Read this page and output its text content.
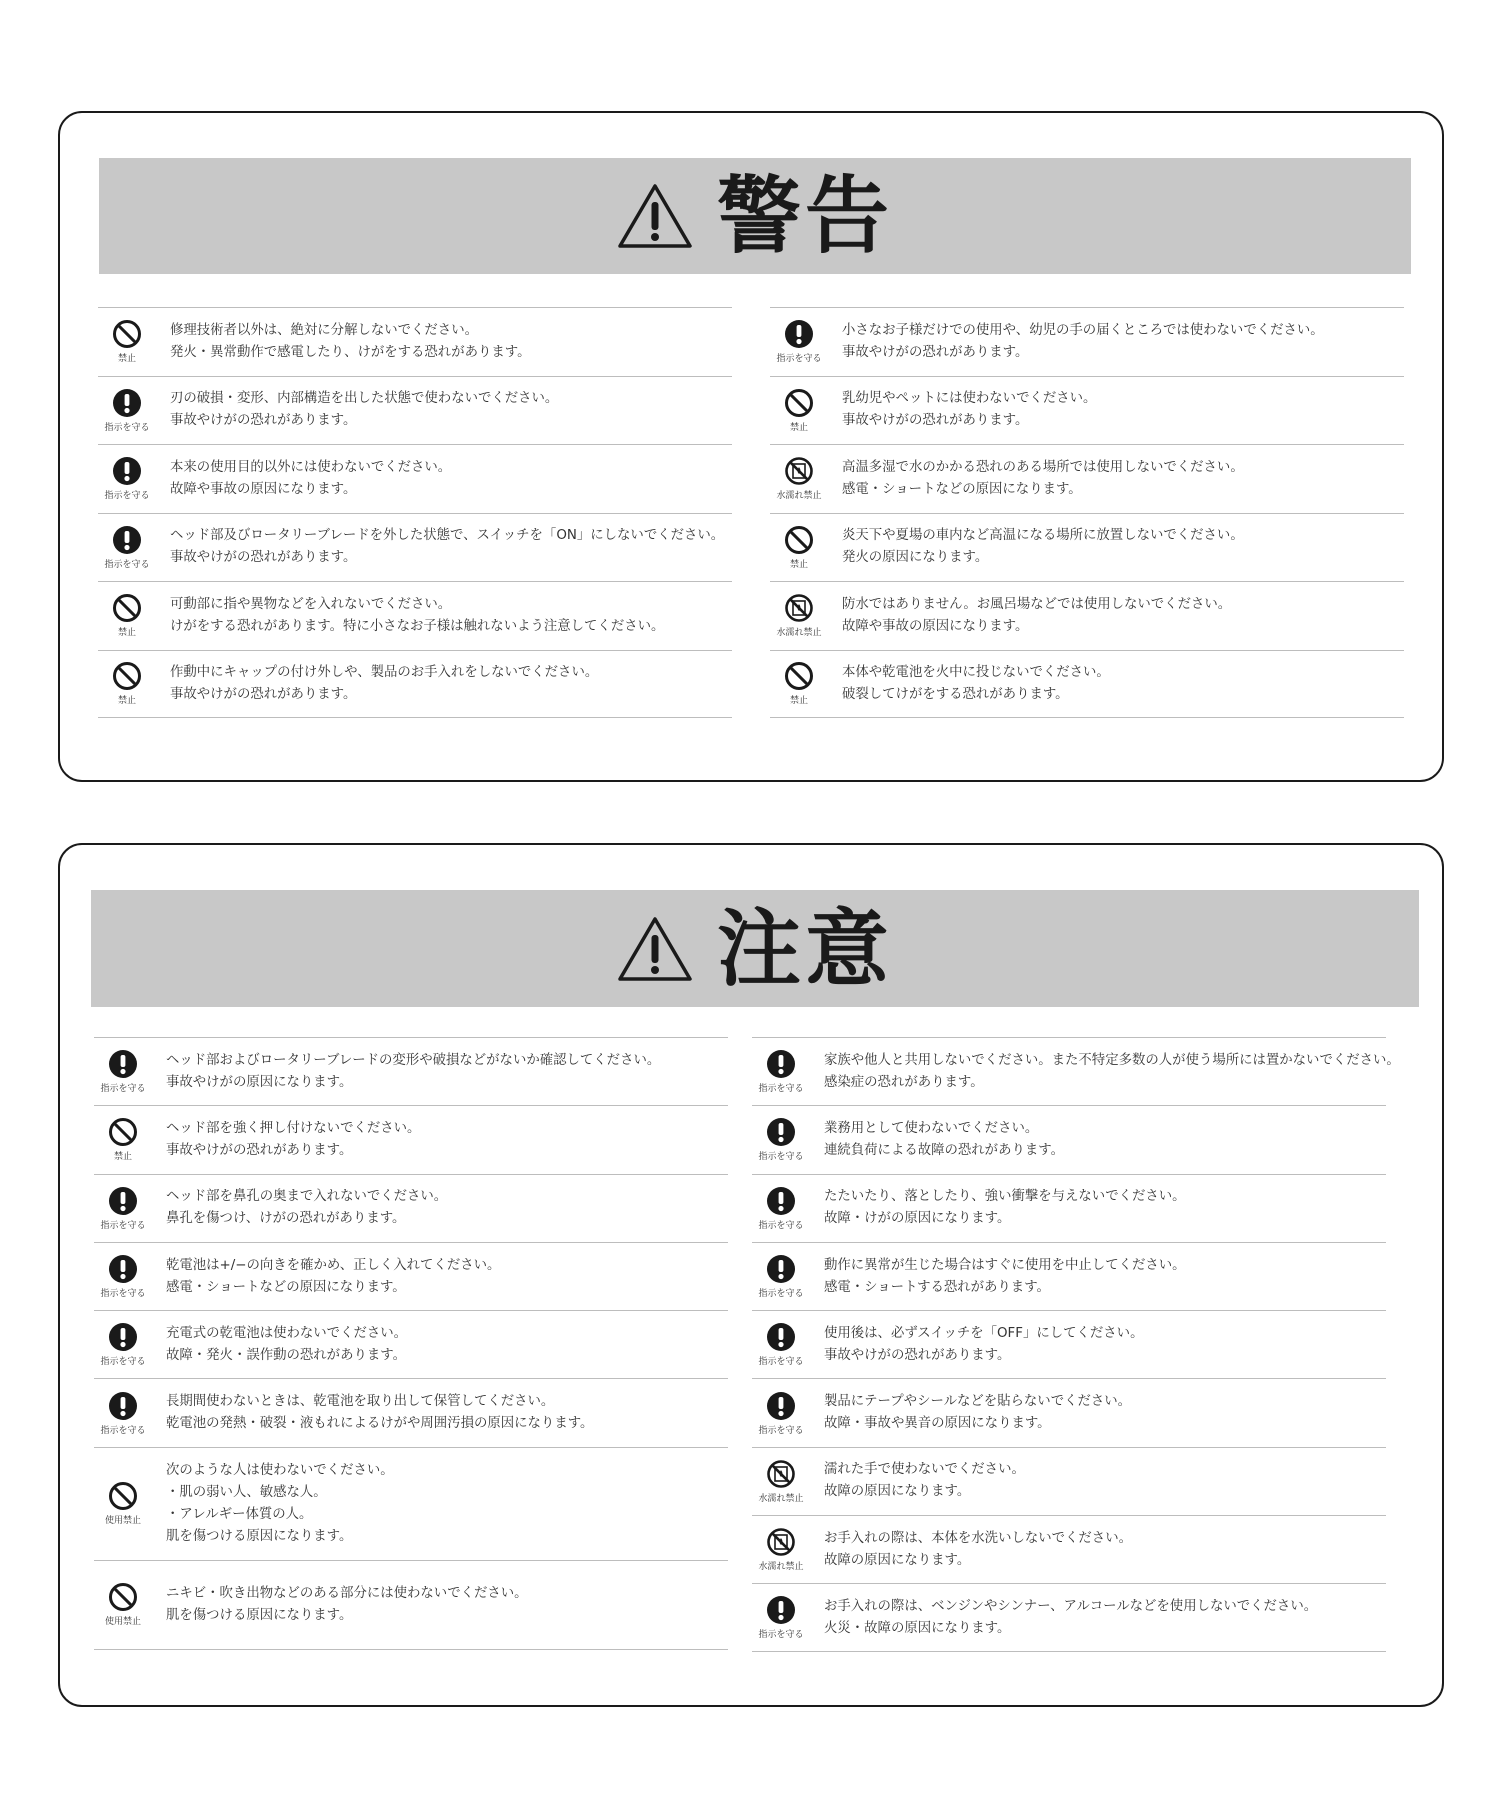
警告
禁止
修理技術者以外は、絶対に分解しないでください。
発火・異常動作で感電したり、けがをする恐れがあります。
指示を守る
刃の破損・変形、内部構造を出した状態で使わないでください。
事故やけがの恐れがあります。
指示を守る
本来の使用目的以外には使わないでください。
故障や事故の原因になります。
指示を守る
ヘッド部及びロータリーブレードを外した状態で、スイッチを「ON」にしないでください。
事故やけがの恐れがあります。
禁止
可動部に指や異物などを入れないでください。
けがをする恐れがあります。特に小さなお子様は触れないよう注意してください。
禁止
作動中にキャップの付け外しや、製品のお手入れをしないでください。
事故やけがの恐れがあります。
指示を守る
小さなお子様だけでの使用や、幼児の手の届くところでは使わないでください。
事故やけがの恐れがあります。
禁止
乳幼児やペットには使わないでください。
事故やけがの恐れがあります。
水濡れ禁止
高温多湿で水のかかる恐れのある場所では使用しないでください。
感電・ショートなどの原因になります。
禁止
炎天下や夏場の車内など高温になる場所に放置しないでください。
発火の原因になります。
水濡れ禁止
防水ではありません。お風呂場などでは使用しないでください。
故障や事故の原因になります。
禁止
本体や乾電池を火中に投じないでください。
破裂してけがをする恐れがあります。
注意
指示を守る
ヘッド部およびロータリーブレードの変形や破損などがないか確認してください。
事故やけがの原因になります。
禁止
ヘッド部を強く押し付けないでください。
事故やけがの恐れがあります。
指示を守る
ヘッド部を鼻孔の奥まで入れないでください。
鼻孔を傷つけ、けがの恐れがあります。
指示を守る
乾電池は+/−の向きを確かめ、正しく入れてください。
感電・ショートなどの原因になります。
指示を守る
充電式の乾電池は使わないでください。
故障・発火・誤作動の恐れがあります。
指示を守る
長期間使わないときは、乾電池を取り出して保管してください。
乾電池の発熱・破裂・液もれによるけがや周囲汚損の原因になります。
使用禁止
次のような人は使わないでください。
・肌の弱い人、敏感な人。
・アレルギー体質の人。
肌を傷つける原因になります。
使用禁止
ニキビ・吹き出物などのある部分には使わないでください。
肌を傷つける原因になります。
指示を守る
家族や他人と共用しないでください。また不特定多数の人が使う場所には置かないでください。
感染症の恐れがあります。
指示を守る
業務用として使わないでください。
連続負荷による故障の恐れがあります。
指示を守る
たたいたり、落としたり、強い衝撃を与えないでください。
故障・けがの原因になります。
指示を守る
動作に異常が生じた場合はすぐに使用を中止してください。
感電・ショートする恐れがあります。
指示を守る
使用後は、必ずスイッチを「OFF」にしてください。
事故やけがの恐れがあります。
指示を守る
製品にテープやシールなどを貼らないでください。
故障・事故や異音の原因になります。
水濡れ禁止
濡れた手で使わないでください。
故障の原因になります。
水濡れ禁止
お手入れの際は、本体を水洗いしないでください。
故障の原因になります。
指示を守る
お手入れの際は、ベンジンやシンナー、アルコールなどを使用しないでください。
火災・故障の原因になります。
